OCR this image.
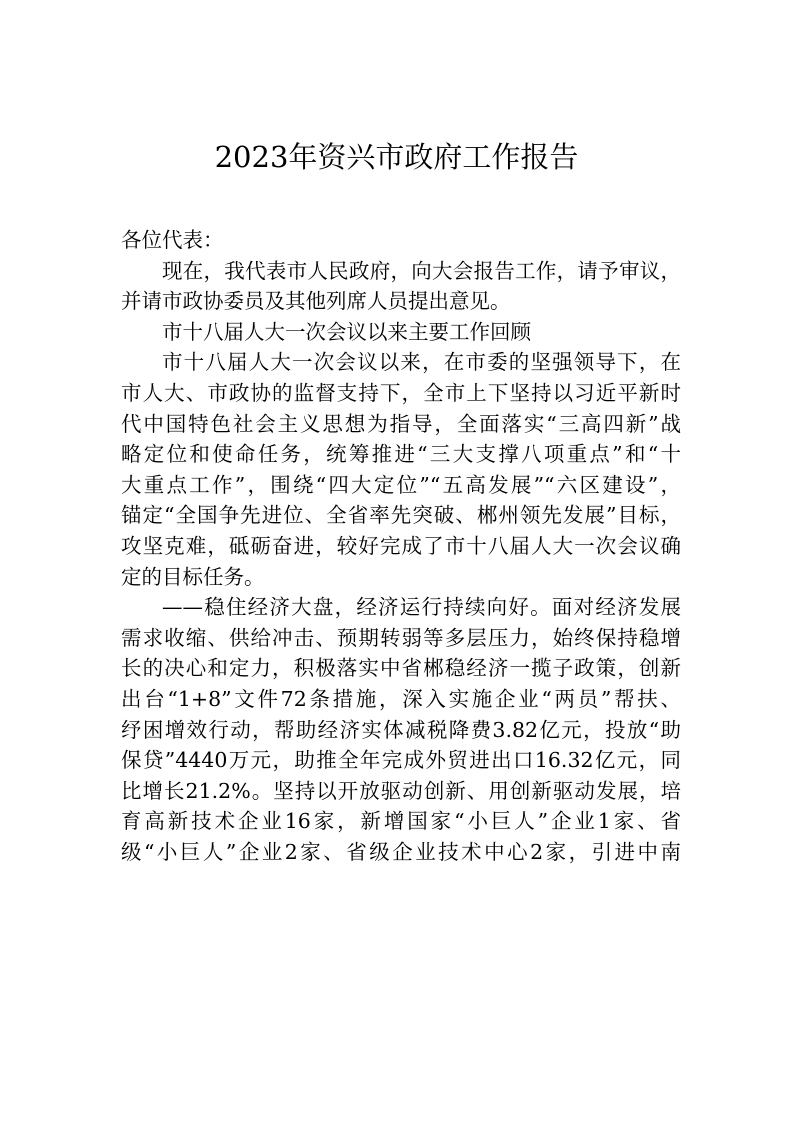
2023年资兴市政府工作报告
各位代表：
现在，我代表市人民政府，向大会报告工作，请予审议，
并请市政协委员及其他列席人员提出意见。
市十八届人大一次会议以来主要工作回顾
市十八届人大一次会议以来，在市委的坚强领导下，在
市人大、市政协的监督支持下，全市上下坚持以习近平新时
代中国特色社会主义思想为指导，全面落实“三高四新”战
略定位和使命任务，统筹推进“三大支撑八项重点”和“十
大重点工作”，围绕“四大定位”“五高发展”“六区建设”，
锚定“全国争先进位、全省率先突破、郴州领先发展”目标，
攻坚克难，砥砺奋进，较好完成了市十八届人大一次会议确
定的目标任务。
——稳住经济大盘，经济运行持续向好。面对经济发展
需求收缩、供给冲击、预期转弱等多层压力，始终保持稳增
长的决心和定力，积极落实中省郴稳经济一揽子政策，创新
出台“1+8”文件72条措施，深入实施企业“两员”帮扶、
纾困增效行动，帮助经济实体减税降费3.82亿元，投放“助
保贷”4440万元，助推全年完成外贸进出口16.32亿元，同
比增长21.2%。坚持以开放驱动创新、用创新驱动发展，培
育高新技术企业16家，新增国家“小巨人”企业1家、省
级“小巨人”企业2家、省级企业技术中心2家，引进中南
